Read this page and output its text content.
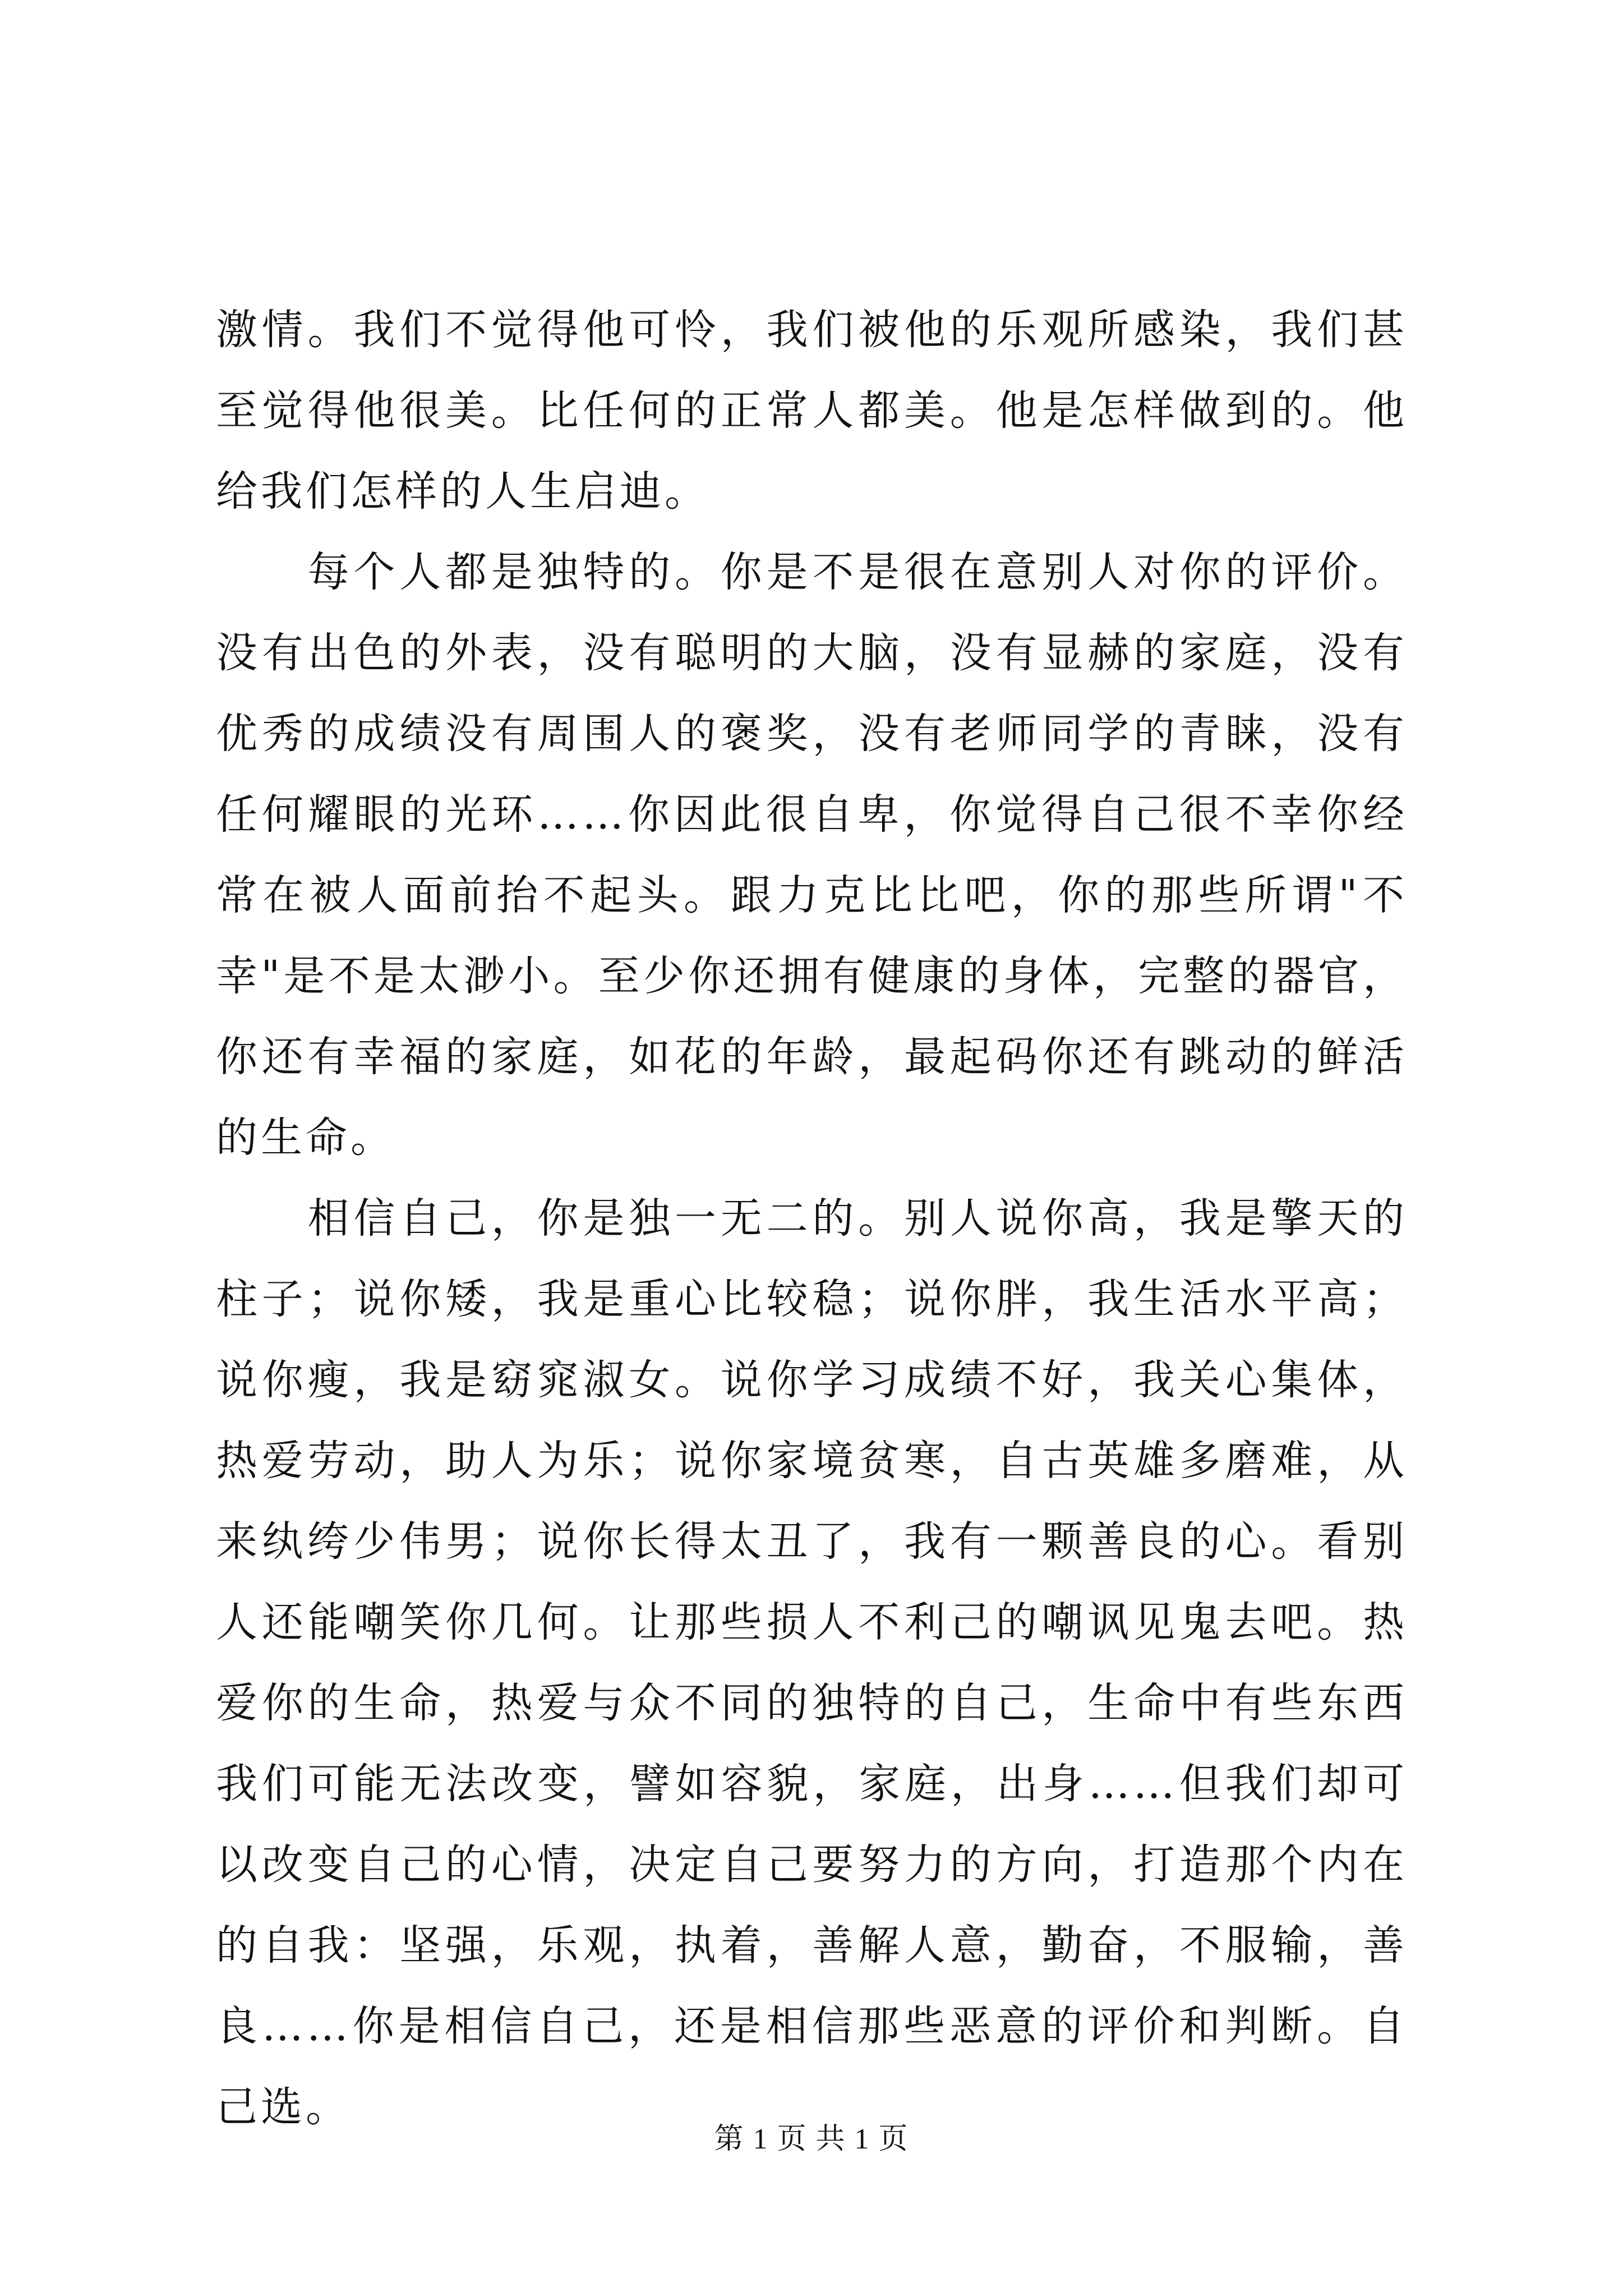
激情。我们不觉得他可怜，我们被他的乐观所感染，我们甚至觉得他很美。比任何的正常人都美。他是怎样做到的。他给我们怎样的人生启迪。

　　每个人都是独特的。你是不是很在意别人对你的评价。没有出色的外表，没有聪明的大脑，没有显赫的家庭，没有优秀的成绩没有周围人的褒奖，没有老师同学的青睐，没有任何耀眼的光环……你因此很自卑，你觉得自己很不幸你经常在被人面前抬不起头。跟力克比比吧，你的那些所谓"不幸"是不是太渺小。至少你还拥有健康的身体，完整的器官，你还有幸福的家庭，如花的年龄，最起码你还有跳动的鲜活的生命。

　　相信自己，你是独一无二的。别人说你高，我是擎天的柱子；说你矮，我是重心比较稳；说你胖，我生活水平高；说你瘦，我是窈窕淑女。说你学习成绩不好，我关心集体，热爱劳动，助人为乐；说你家境贫寒，自古英雄多磨难，从来纨绔少伟男；说你长得太丑了，我有一颗善良的心。看别人还能嘲笑你几何。让那些损人不利己的嘲讽见鬼去吧。热爱你的生命，热爱与众不同的独特的自己，生命中有些东西我们可能无法改变，譬如容貌，家庭，出身……但我们却可以改变自己的心情，决定自己要努力的方向，打造那个内在的自我：坚强，乐观，执着，善解人意，勤奋，不服输，善良……你是相信自己，还是相信那些恶意的评价和判断。自己选。

第 1 页 共 1 页
